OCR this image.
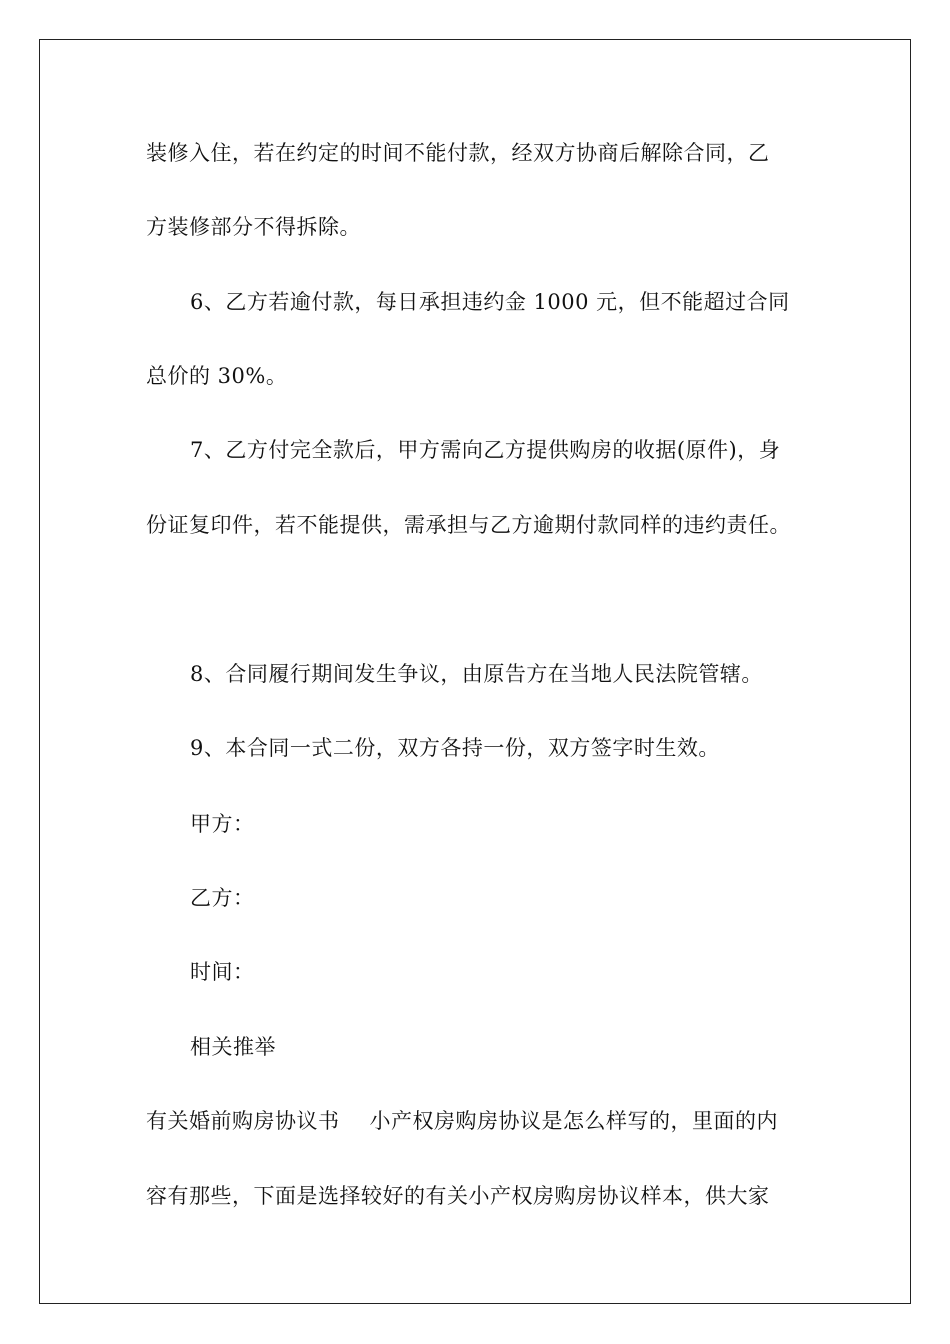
装修入住，若在约定的时间不能付款，经双方协商后解除合同，乙
方装修部分不得拆除。
6、乙方若逾付款，每日承担违约金 1000 元，但不能超过合同
总价的 30%。
7、乙方付完全款后，甲方需向乙方提供购房的收据(原件)，身
份证复印件，若不能提供，需承担与乙方逾期付款同样的违约责任。
8、合同履行期间发生争议，由原告方在当地人民法院管辖。
9、本合同一式二份，双方各持一份，双方签字时生效。
甲方：
乙方：
时间：
相关推举
有关婚前购房协议书 小产权房购房协议是怎么样写的，里面的内
容有那些，下面是选择较好的有关小产权房购房协议样本，供大家
